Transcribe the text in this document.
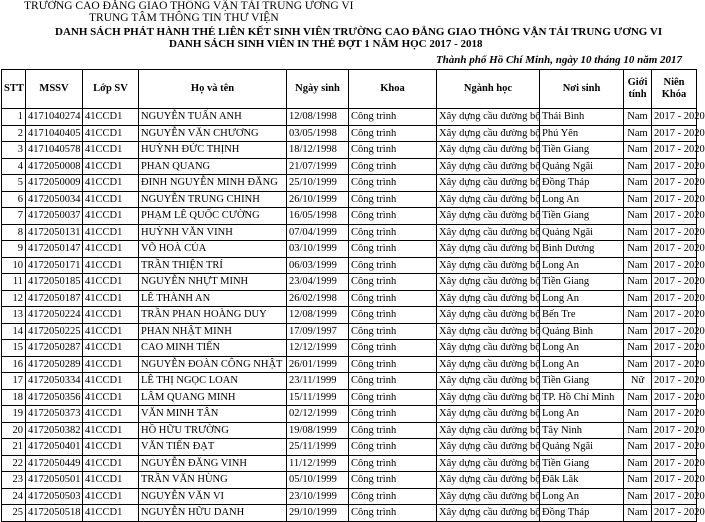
TRƯỜNG CAO ĐẲNG GIAO THÔNG VẬN TẢI TRUNG ƯƠNG VI
TRUNG TÂM THÔNG TIN THƯ VIỆN
DANH SÁCH PHÁT HÀNH THẺ LIÊN KẾT SINH VIÊN TRƯỜNG CAO ĐẲNG GIAO THÔNG VẬN TẢI TRUNG ƯƠNG VI
DANH SÁCH SINH VIÊN IN THẺ ĐỢT 1 NĂM HỌC 2017 - 2018
Thành phố Hồ Chí Minh, ngày 10 tháng 10 năm 2017
STT	MSSV	Lớp SV	Họ và tên	Ngày sinh	Khoa	Ngành học	Nơi sinh	Giới tính	Niên Khóa
1	4171040274	41CCD1	NGUYỄN TUẤN ANH	12/08/1998	Công trình	Xây dựng cầu đường bộ	Thái Bình	Nam	2017 - 2020
2	4171040405	41CCD1	NGUYỄN VĂN CHƯƠNG	03/05/1998	Công trình	Xây dựng cầu đường bộ	Phú Yên	Nam	2017 - 2020
3	4171040578	41CCD1	HUỲNH ĐỨC THỊNH	18/12/1998	Công trình	Xây dựng cầu đường bộ	Tiền Giang	Nam	2017 - 2020
4	4172050008	41CCD1	PHAN QUANG	21/07/1999	Công trình	Xây dựng cầu đường bộ	Quảng Ngãi	Nam	2017 - 2020
5	4172050009	41CCD1	ĐINH NGUYỄN MINH ĐĂNG	25/10/1999	Công trình	Xây dựng cầu đường bộ	Đồng Tháp	Nam	2017 - 2020
6	4172050034	41CCD1	NGUYỄN TRUNG CHINH	26/10/1999	Công trình	Xây dựng cầu đường bộ	Long An	Nam	2017 - 2020
7	4172050037	41CCD1	PHẠM LÊ QUỐC CƯỜNG	16/05/1998	Công trình	Xây dựng cầu đường bộ	Tiền Giang	Nam	2017 - 2020
8	4172050131	41CCD1	HUỲNH VĂN VINH	07/04/1999	Công trình	Xây dựng cầu đường bộ	Quảng Ngãi	Nam	2017 - 2020
9	4172050147	41CCD1	VÕ HOÀ CỦA	03/10/1999	Công trình	Xây dựng cầu đường bộ	Bình Dương	Nam	2017 - 2020
10	4172050171	41CCD1	TRẦN THIỆN TRÍ	06/03/1999	Công trình	Xây dựng cầu đường bộ	Long An	Nam	2017 - 2020
11	4172050185	41CCD1	NGUYỄN NHỰT MINH	23/04/1999	Công trình	Xây dựng cầu đường bộ	Tiền Giang	Nam	2017 - 2020
12	4172050187	41CCD1	LÊ THÀNH AN	26/02/1998	Công trình	Xây dựng cầu đường bộ	Long An	Nam	2017 - 2020
13	4172050224	41CCD1	TRẦN PHAN HOÀNG DUY	12/08/1999	Công trình	Xây dựng cầu đường bộ	Bến Tre	Nam	2017 - 2020
14	4172050225	41CCD1	PHAN NHẬT MINH	17/09/1997	Công trình	Xây dựng cầu đường bộ	Quảng Bình	Nam	2017 - 2020
15	4172050287	41CCD1	CAO MINH TIẾN	12/12/1999	Công trình	Xây dựng cầu đường bộ	Long An	Nam	2017 - 2020
16	4172050289	41CCD1	NGUYỄN ĐOÀN CÔNG NHẬT	26/01/1999	Công trình	Xây dựng cầu đường bộ	Long An	Nam	2017 - 2020
17	4172050334	41CCD1	LÊ THỊ NGỌC LOAN	23/11/1999	Công trình	Xây dựng cầu đường bộ	Tiền Giang	Nữ	2017 - 2020
18	4172050356	41CCD1	LÂM QUANG MINH	15/11/1999	Công trình	Xây dựng cầu đường bộ	TP. Hồ Chí Minh	Nam	2017 - 2020
19	4172050373	41CCD1	VĂN MINH TÂN	02/12/1999	Công trình	Xây dựng cầu đường bộ	Long An	Nam	2017 - 2020
20	4172050382	41CCD1	HỒ HỮU TRƯỜNG	19/08/1999	Công trình	Xây dựng cầu đường bộ	Tây Ninh	Nam	2017 - 2020
21	4172050401	41CCD1	VĂN TIẾN ĐẠT	25/11/1999	Công trình	Xây dựng cầu đường bộ	Quảng Ngãi	Nam	2017 - 2020
22	4172050449	41CCD1	NGUYỄN ĐĂNG VINH	11/12/1999	Công trình	Xây dựng cầu đường bộ	Tiền Giang	Nam	2017 - 2020
23	4172050501	41CCD1	TRẦN VĂN HÙNG	05/10/1999	Công trình	Xây dựng cầu đường bộ	Đăk Lăk	Nam	2017 - 2020
24	4172050503	41CCD1	NGUYỄN VĂN VI	23/10/1999	Công trình	Xây dựng cầu đường bộ	Long An	Nam	2017 - 2020
25	4172050518	41CCD1	NGUYỄN HỮU DANH	29/10/1999	Công trình	Xây dựng cầu đường bộ	Đồng Tháp	Nam	2017 - 2020
